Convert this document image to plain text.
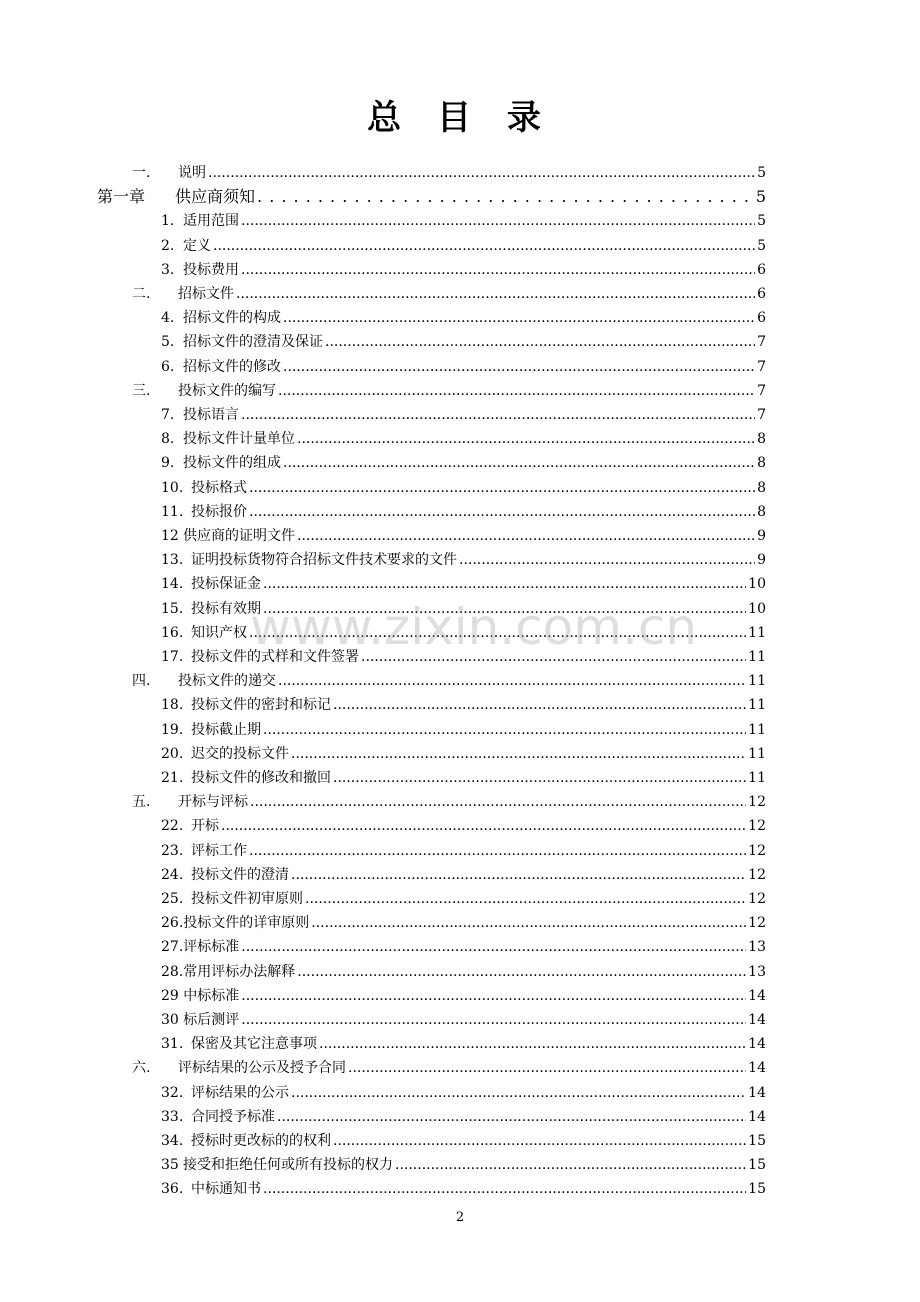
总 目 录
一.	说明 .....	5
第一章	供应商须知 . . .	5
1. 适用范围 .....	5
2. 定义 .....	5
3. 投标费用 .....	6
二.	招标文件 .....	6
4. 招标文件的构成 .....	6
5. 招标文件的澄清及保证 .....	7
6. 招标文件的修改 .....	7
三.	投标文件的编写 .....	7
7. 投标语言 .....	7
8. 投标文件计量单位 .....	8
9. 投标文件的组成 .....	8
10. 投标格式 .....	8
11. 投标报价 .....	8
12 供应商的证明文件 .....	9
13. 证明投标货物符合招标文件技术要求的文件 .....	9
14. 投标保证金 .....	10
15. 投标有效期 .....	10
16. 知识产权 .....	11
17. 投标文件的式样和文件签署 .....	11
四.	投标文件的递交 .....	11
18. 投标文件的密封和标记 .....	11
19. 投标截止期 .....	11
20. 迟交的投标文件 .....	11
21. 投标文件的修改和撤回 .....	11
五.	开标与评标 .....	12
22. 开标 .....	12
23. 评标工作 .....	12
24. 投标文件的澄清 .....	12
25. 投标文件初审原则 .....	12
26.投标文件的详审原则 .....	12
27.评标标准 .....	13
28.常用评标办法解释 .....	13
29 中标标准 .....	14
30 标后测评 .....	14
31. 保密及其它注意事项 .....	14
六.	评标结果的公示及授予合同 .....	14
32. 评标结果的公示 .....	14
33. 合同授予标准 .....	14
34. 授标时更改标的的权利 .....	15
35 接受和拒绝任何或所有投标的权力 .....	15
36. 中标通知书 .....	15
www.zixin.com.cn
2
